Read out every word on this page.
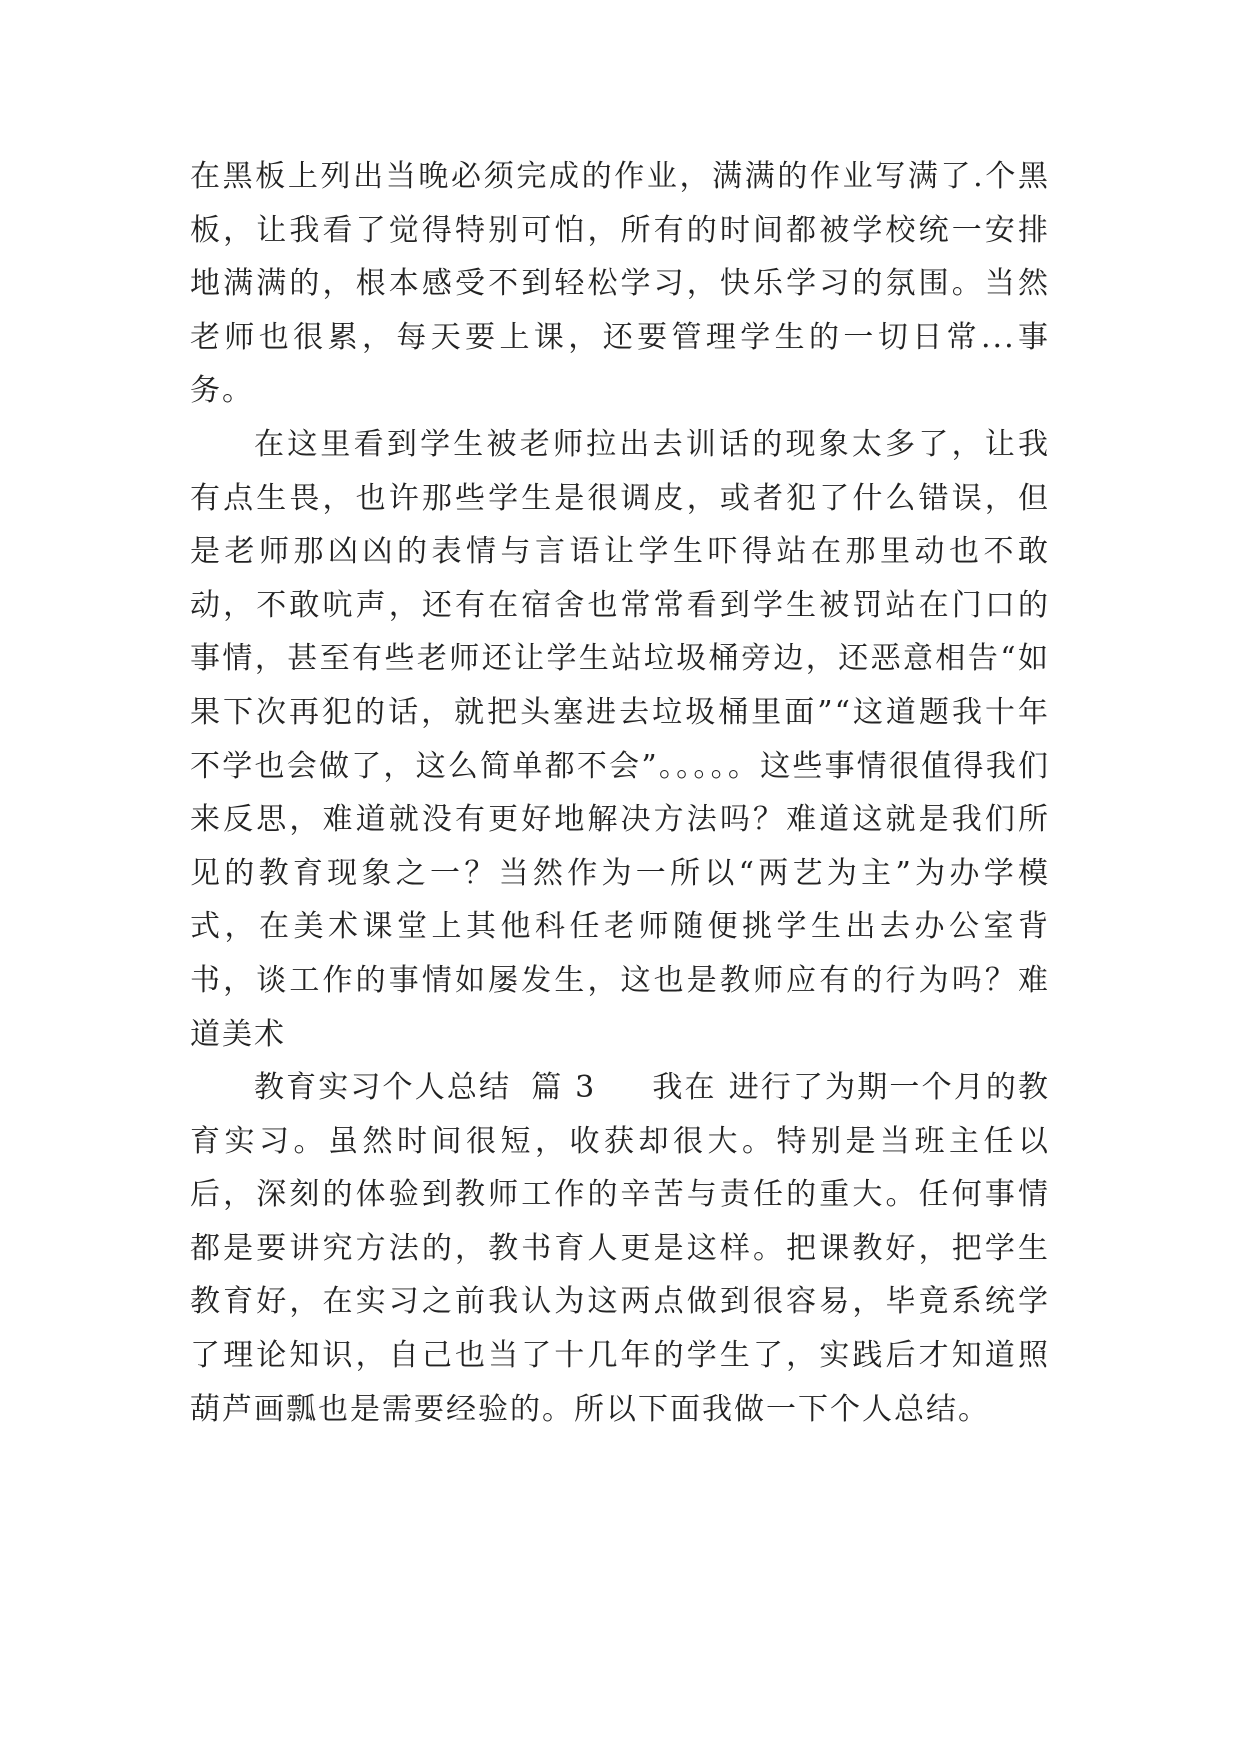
在黑板上列出当晚必须完成的作业，满满的作业写满了.个黑板，让我看了觉得特别可怕，所有的时间都被学校统一安排地满满的，根本感受不到轻松学习，快乐学习的氛围。当然老师也很累，每天要上课，还要管理学生的一切日常...事务。

在这里看到学生被老师拉出去训话的现象太多了，让我有点生畏，也许那些学生是很调皮，或者犯了什么错误，但是老师那凶凶的表情与言语让学生吓得站在那里动也不敢动，不敢吭声，还有在宿舍也常常看到学生被罚站在门口的事情，甚至有些老师还让学生站垃圾桶旁边，还恶意相告“如果下次再犯的话，就把头塞进去垃圾桶里面”“这道题我十年不学也会做了，这么简单都不会”。。。。。这些事情很值得我们来反思，难道就没有更好地解决方法吗？难道这就是我们所见的教育现象之一？当然作为一所以“两艺为主”为办学模式，在美术课堂上其他科任老师随便挑学生出去办公室背书，谈工作的事情如屡发生，这也是教师应有的行为吗？难道美术

教育实习个人总结 篇 3 我在 进行了为期一个月的教育实习。虽然时间很短，收获却很大。特别是当班主任以后，深刻的体验到教师工作的辛苦与责任的重大。任何事情都是要讲究方法的，教书育人更是这样。把课教好，把学生教育好，在实习之前我认为这两点做到很容易，毕竟系统学了理论知识，自己也当了十几年的学生了，实践后才知道照葫芦画瓢也是需要经验的。所以下面我做一下个人总结。
